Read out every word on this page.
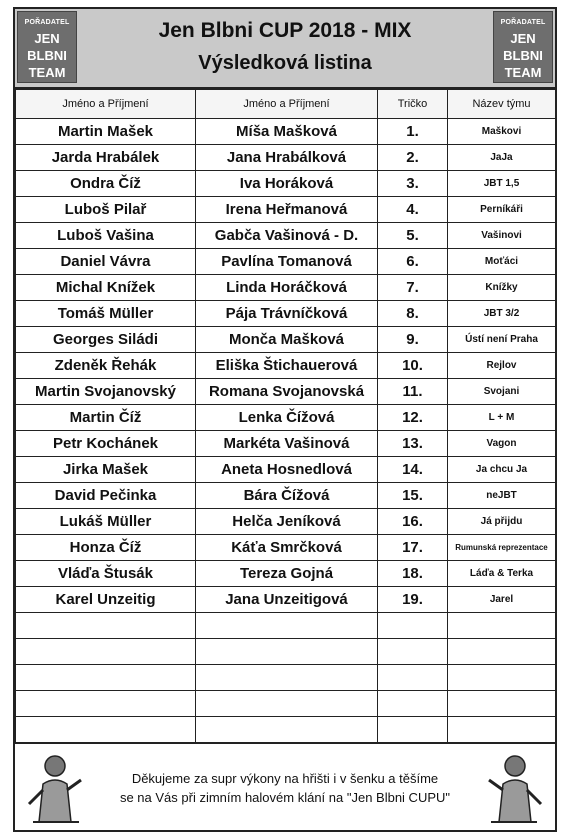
POŘADATEL
JEN
BLBNI
TEAM
Jen Blbni CUP 2018 - MIX
Výsledková listina
POŘADATEL
JEN
BLBNI
TEAM
Jméno a Příjmení	Jméno a Příjmení	Tričko	Název týmu
Martin Mašek	Míša Mašková	1.	Maškovi
Jarda Hrabálek	Jana Hrabálková	2.	JaJa
Ondra Číž	Iva Horáková	3.	JBT 1,5
Luboš Pilař	Irena Heřmanová	4.	Perníkáři
Luboš Vašina	Gabča Vašinová - D.	5.	Vašinovi
Daniel Vávra	Pavlína Tomanová	6.	Moťáci
Michal Knížek	Linda Horáčková	7.	Knížky
Tomáš Müller	Pája Trávníčková	8.	JBT 3/2
Georges Siládi	Monča Mašková	9.	Ústí není Praha
Zdeněk Řehák	Eliška Štichauerová	10.	Rejlov
Martin Svojanovský	Romana Svojanovská	11.	Svojani
Martin Číž	Lenka Čížová	12.	L + M
Petr Kochánek	Markéta Vašinová	13.	Vagon
Jirka Mašek	Aneta Hosnedlová	14.	Ja chcu Ja
David Pečinka	Bára Čížová	15.	neJBT
Lukáš Müller	Helča Jeníková	16.	Já přijdu
Honza Číž	Káťa Smrčková	17.	Rumunská reprezentace
Vláďa Štusák	Tereza Gojná	18.	Láďa & Terka
Karel Unzeitig	Jana Unzeitigová	19.	Jarel

Děkujeme za supr výkony na hřišti i v šenku a těšíme
se na Vás při zimním halovém klání na "Jen Blbni CUPU"
